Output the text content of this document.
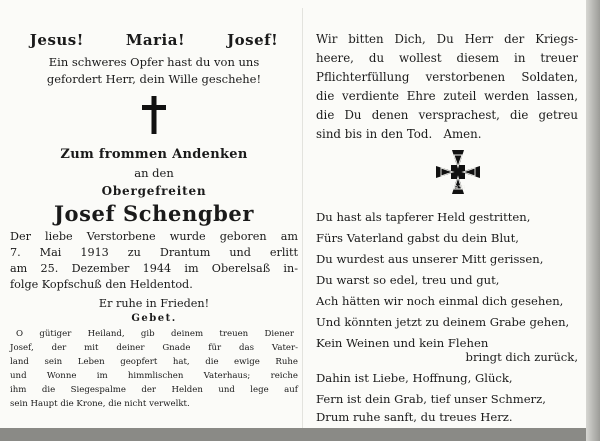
Jesus!	Maria!	Josef!
Ein schweres Opfer hast du von uns
gefordert Herr, dein Wille geschehe!
Zum frommen Andenken
an den
Obergefreiten
Josef Schengber
Der liebe Verstorbene wurde geboren am
7. Mai 1913 zu Drantum und erlitt
am 25. Dezember 1944 im Oberelsaß in-
folge Kopfschuß den Heldentod.
Er ruhe in Frieden!
Gebet.
O gütiger Heiland, gib deinem treuen Diener
Josef, der mit deiner Gnade für das Vater-
land sein Leben geopfert hat, die ewige Ruhe
und Wonne im himmlischen Vaterhaus; reiche
ihm die Siegespalme der Helden und lege auf
sein Haupt die Krone, die nicht verwelkt.
Wir bitten Dich, Du Herr der Kriegs-
heere, du wollest diesem in treuer
Pflichterfüllung verstorbenen Soldaten,
die verdiente Ehre zuteil werden lassen,
die Du denen versprachest, die getreu
sind bis in den Tod.   Amen.
Du hast als tapferer Held gestritten,
Fürs Vaterland gabst du dein Blut,
Du wurdest aus unserer Mitt gerissen,
Du warst so edel, treu und gut,
Ach hätten wir noch einmal dich gesehen,
Und könnten jetzt zu deinem Grabe gehen,
Kein Weinen und kein Flehen
bringt dich zurück,
Dahin ist Liebe, Hoffnung, Glück,
Fern ist dein Grab, tief unser Schmerz,
Drum ruhe sanft, du treues Herz.
1939
